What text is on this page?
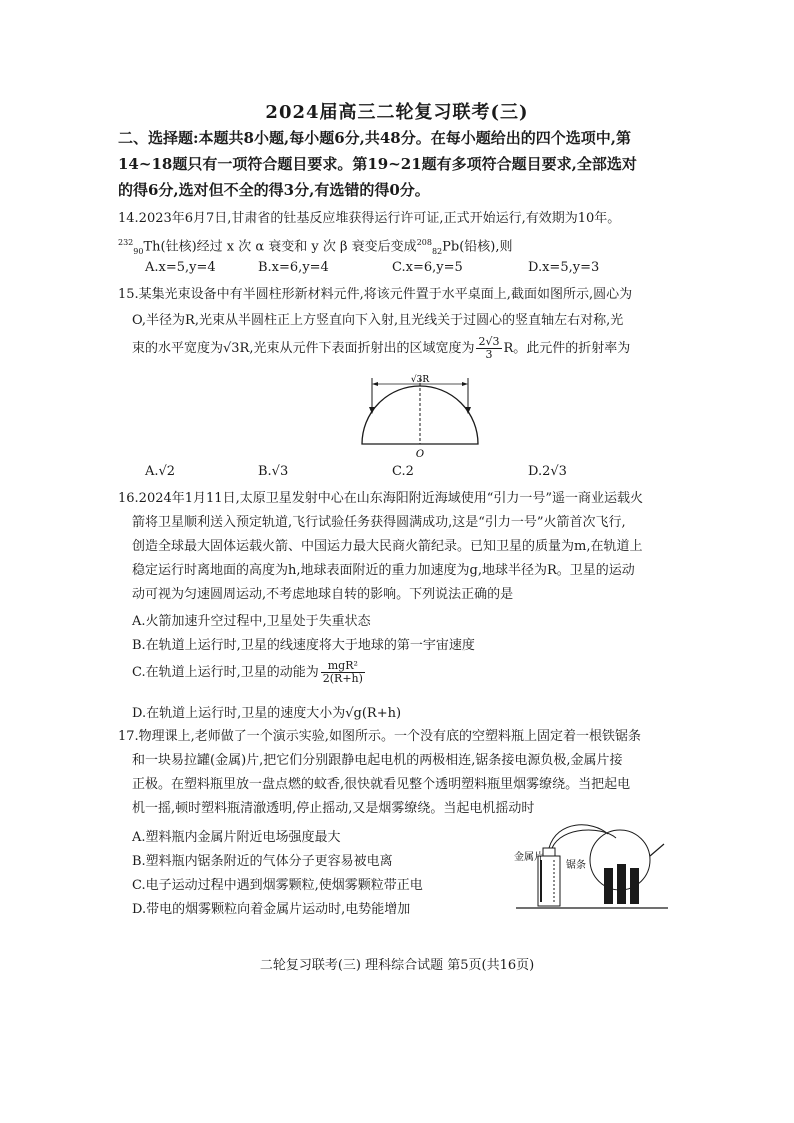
2024届高三二轮复习联考(三)
二、选择题:本题共8小题,每小题6分,共48分。在每小题给出的四个选项中,第
14~18题只有一项符合题目要求。第19~21题有多项符合题目要求,全部选对
的得6分,选对但不全的得3分,有选错的得0分。
14.2023年6月7日,甘肃省的钍基反应堆获得运行许可证,正式开始运行,有效期为10年。
$^{232}_{90}$Th(钍核)经过 x 次 α 衰变和 y 次 β 衰变后变成$^{208}_{82}$Pb(铅核),则
A.x=5,y=4	B.x=6,y=4	C.x=6,y=5	D.x=5,y=3
15.某集光束设备中有半圆柱形新材料元件,将该元件置于水平桌面上,截面如图所示,圆心为
O,半径为R,光束从半圆柱正上方竖直向下入射,且光线关于过圆心的竖直轴左右对称,光
束的水平宽度为√3R,光束从元件下表面折射出的区域宽度为 $\frac{2√3}{3}$ R。此元件的折射率为
√3R
O
A.√2	B.√3	C.2	D.2√3
16.2024年1月11日,太原卫星发射中心在山东海阳附近海域使用“引力一号”遥一商业运载火
箭将卫星顺利送入预定轨道,飞行试验任务获得圆满成功,这是“引力一号”火箭首次飞行,
创造全球最大固体运载火箭、中国运力最大民商火箭纪录。已知卫星的质量为m,在轨道上
稳定运行时离地面的高度为h,地球表面附近的重力加速度为g,地球半径为R。卫星的运动
动可视为匀速圆周运动,不考虑地球自转的影响。下列说法正确的是
A.火箭加速升空过程中,卫星处于失重状态
B.在轨道上运行时,卫星的线速度将大于地球的第一宇宙速度
C.在轨道上运行时,卫星的动能为 $\frac{\text{mgR²}}{2(R+h)}$
D.在轨道上运行时,卫星的速度大小为√g(R+h)
17.物理课上,老师做了一个演示实验,如图所示。一个没有底的空塑料瓶上固定着一根铁锯条
和一块易拉罐(金属)片,把它们分别跟静电起电机的两极相连,锯条接电源负极,金属片接
正极。在塑料瓶里放一盘点燃的蚊香,很快就看见整个透明塑料瓶里烟雾缭绕。当把起电
机一摇,顿时塑料瓶清澈透明,停止摇动,又是烟雾缭绕。当起电机摇动时
A.塑料瓶内金属片附近电场强度最大
B.塑料瓶内锯条附近的气体分子更容易被电离
C.电子运动过程中遇到烟雾颗粒,使烟雾颗粒带正电
D.带电的烟雾颗粒向着金属片运动时,电势能增加
金属片
锯条
二轮复习联考(三) 理科综合试题 第5页(共16页)
